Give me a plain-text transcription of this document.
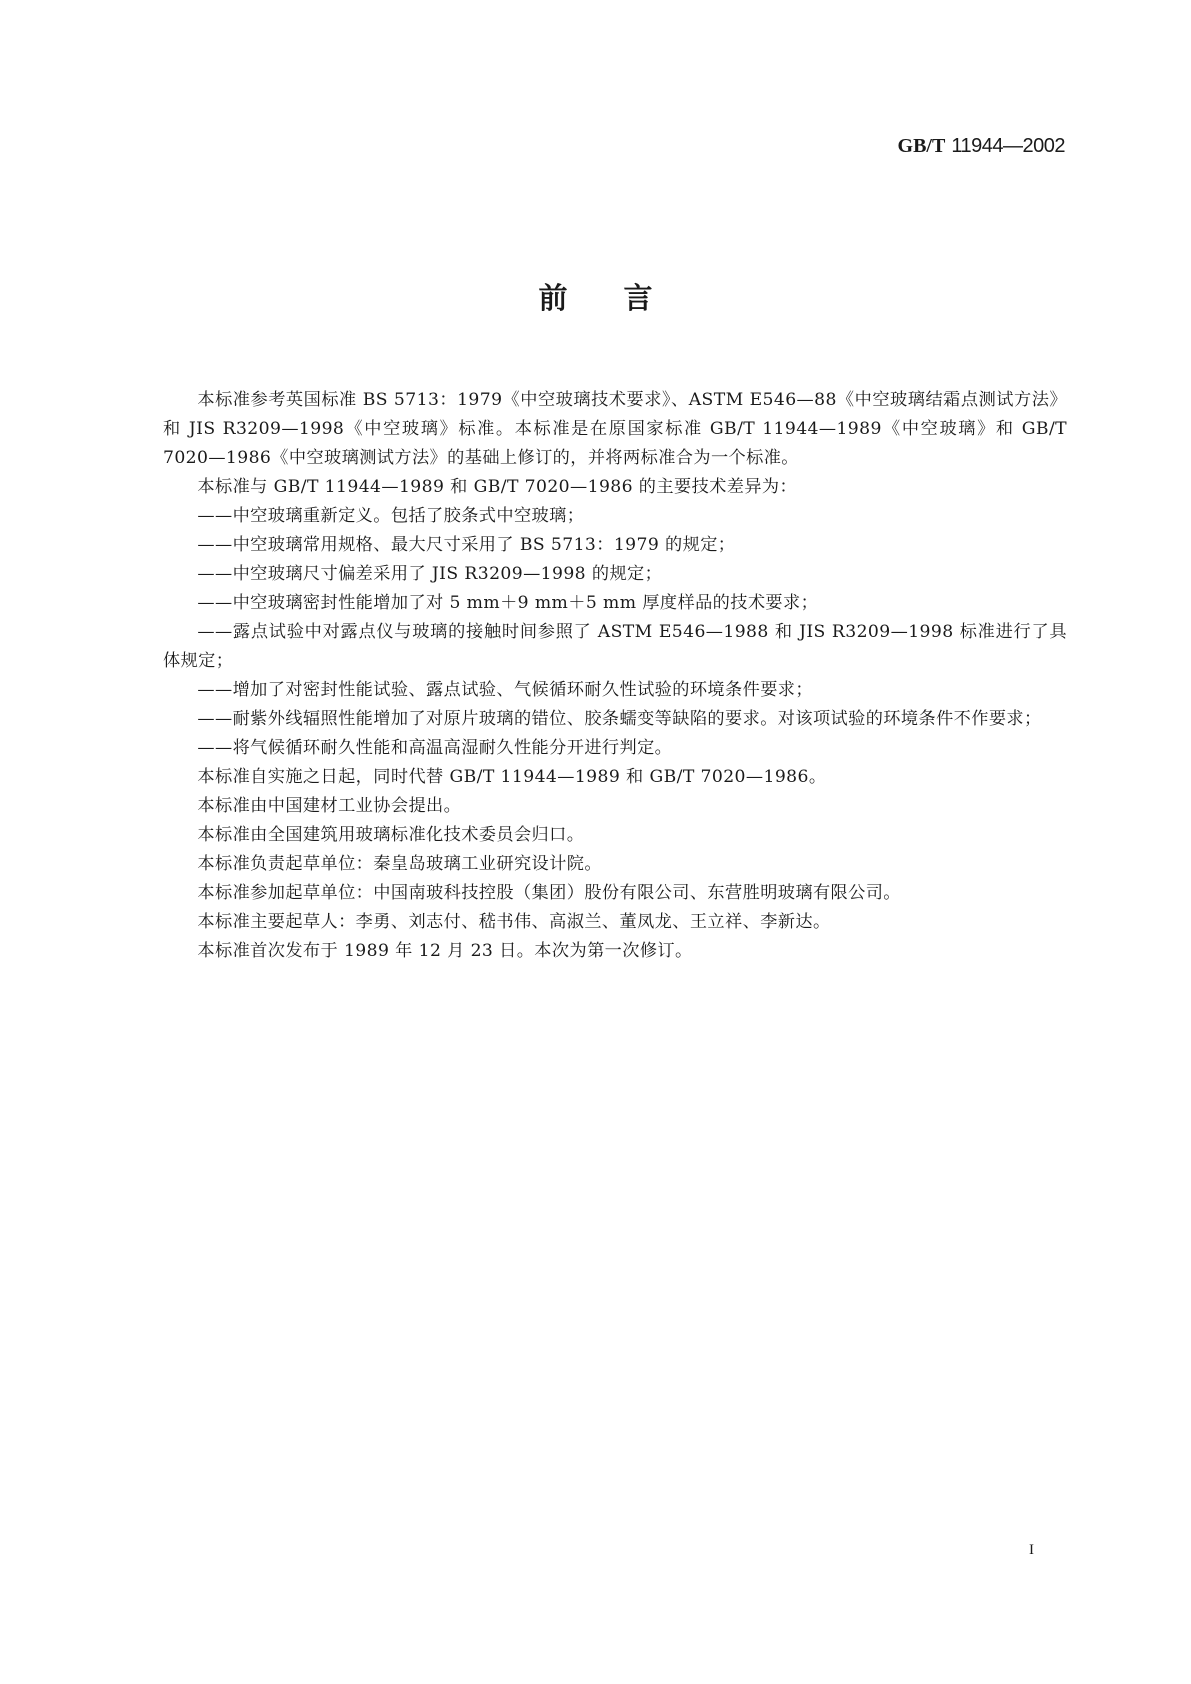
GB/T 11944—2002
前 言

本标准参考英国标准 BS 5713：1979《中空玻璃技术要求》、ASTM E546—88《中空玻璃结霜点测试方法》和 JIS R3209—1998《中空玻璃》标准。本标准是在原国家标准 GB/T 11944—1989《中空玻璃》和 GB/T 7020—1986《中空玻璃测试方法》的基础上修订的，并将两标准合为一个标准。

本标准与 GB/T 11944—1989 和 GB/T 7020—1986 的主要技术差异为：

——中空玻璃重新定义。包括了胶条式中空玻璃；

——中空玻璃常用规格、最大尺寸采用了 BS 5713：1979 的规定；

——中空玻璃尺寸偏差采用了 JIS R3209—1998 的规定；

——中空玻璃密封性能增加了对 5 mm＋9 mm＋5 mm 厚度样品的技术要求；

——露点试验中对露点仪与玻璃的接触时间参照了 ASTM E546—1988 和 JIS R3209—1998 标准进行了具体规定；

——增加了对密封性能试验、露点试验、气候循环耐久性试验的环境条件要求；

——耐紫外线辐照性能增加了对原片玻璃的错位、胶条蠕变等缺陷的要求。对该项试验的环境条件不作要求；

——将气候循环耐久性能和高温高湿耐久性能分开进行判定。

本标准自实施之日起，同时代替 GB/T 11944—1989 和 GB/T 7020—1986。

本标准由中国建材工业协会提出。

本标准由全国建筑用玻璃标准化技术委员会归口。

本标准负责起草单位：秦皇岛玻璃工业研究设计院。

本标准参加起草单位：中国南玻科技控股（集团）股份有限公司、东营胜明玻璃有限公司。

本标准主要起草人：李勇、刘志付、嵇书伟、高淑兰、董凤龙、王立祥、李新达。

本标准首次发布于 1989 年 12 月 23 日。本次为第一次修订。

I
